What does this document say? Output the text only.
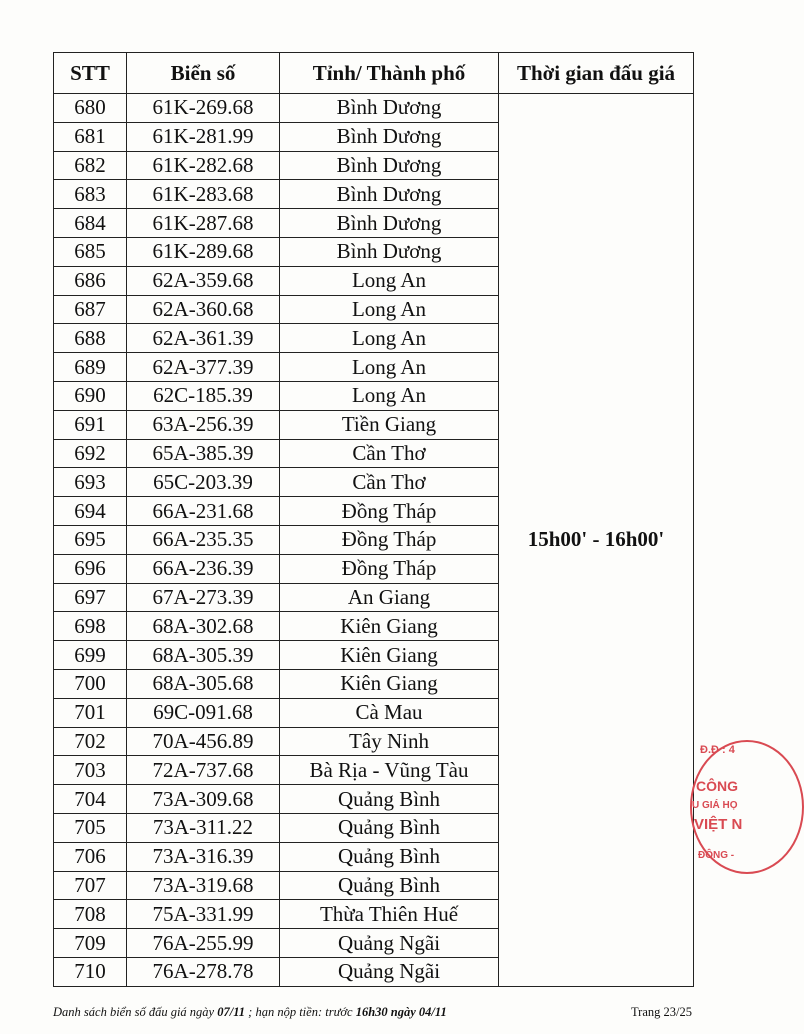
STT	Biển số	Tỉnh/ Thành phố	Thời gian đấu giá
680	61K-269.68	Bình Dương	15h00' - 16h00'
681	61K-281.99	Bình Dương	
682	61K-282.68	Bình Dương	
683	61K-283.68	Bình Dương	
684	61K-287.68	Bình Dương	
685	61K-289.68	Bình Dương	
686	62A-359.68	Long An	
687	62A-360.68	Long An	
688	62A-361.39	Long An	
689	62A-377.39	Long An	
690	62C-185.39	Long An	
691	63A-256.39	Tiền Giang	
692	65A-385.39	Cần Thơ	
693	65C-203.39	Cần Thơ	
694	66A-231.68	Đồng Tháp	
695	66A-235.35	Đồng Tháp	
696	66A-236.39	Đồng Tháp	
697	67A-273.39	An Giang	
698	68A-302.68	Kiên Giang	
699	68A-305.39	Kiên Giang	
700	68A-305.68	Kiên Giang	
701	69C-091.68	Cà Mau	
702	70A-456.89	Tây Ninh	
703	72A-737.68	Bà Rịa - Vũng Tàu	
704	73A-309.68	Quảng Bình	
705	73A-311.22	Quảng Bình	
706	73A-316.39	Quảng Bình	
707	73A-319.68	Quảng Bình	
708	75A-331.99	Thừa Thiên Huế	
709	76A-255.99	Quảng Ngãi	
710	76A-278.78	Quảng Ngãi	
Đ.Đ : 4
CÔNG
U GIÁ HỌ
VIỆT N
ĐÔNG -
Danh sách biển số đấu giá ngày 07/11 ; hạn nộp tiền: trước 16h30 ngày 04/11	Trang 23/25
